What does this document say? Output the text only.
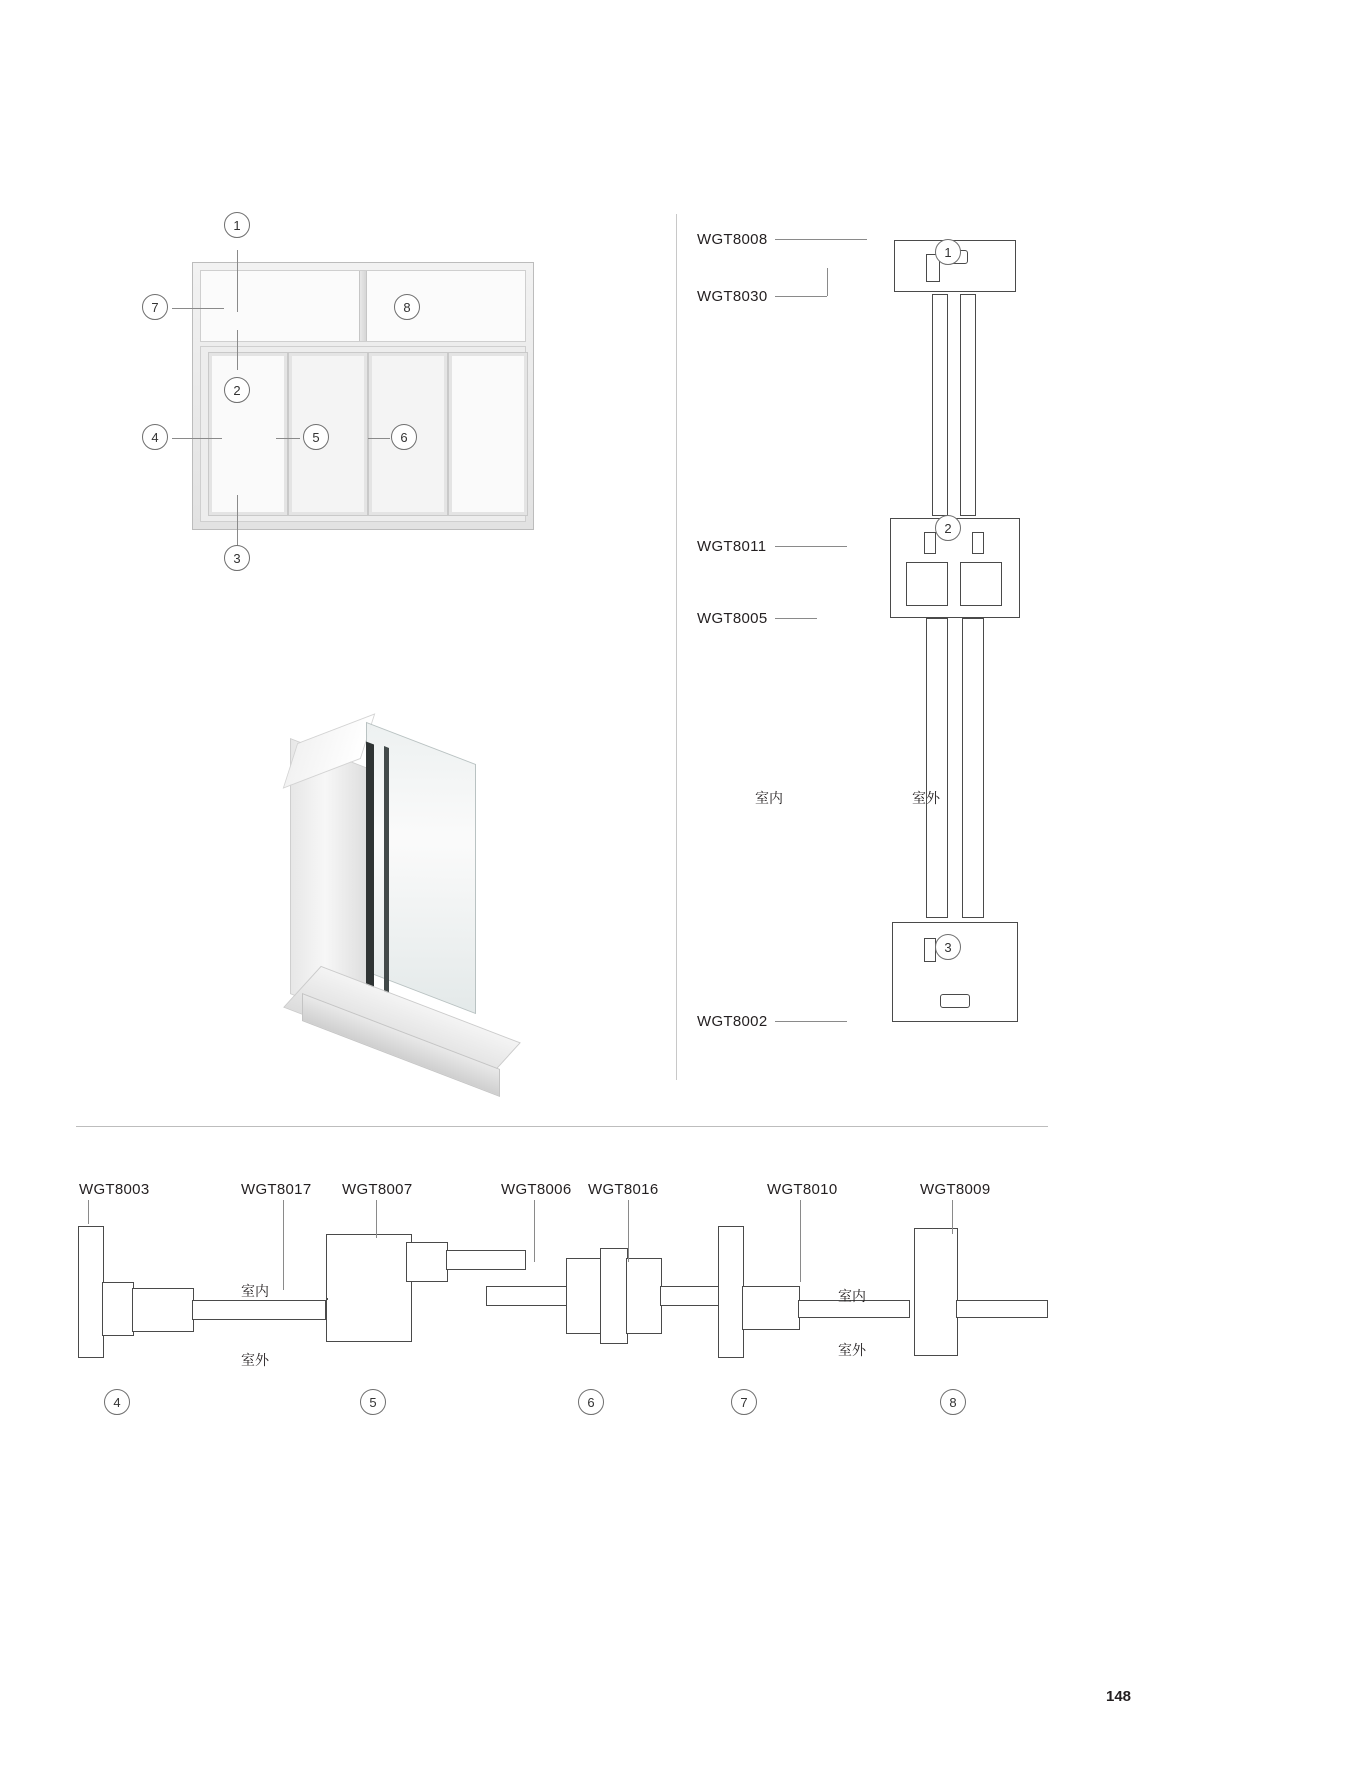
1
7	8
2
4	5	6
3
WGT8008
WGT8030
WGT8011
WGT8005
WGT8002
1
2
3
室内	室外
WGT8003	WGT8017 WGT8007	WGT8006 WGT8016	WGT8010	WGT8009
室内
室外
室内
室外
4	5	6	7	8
148
